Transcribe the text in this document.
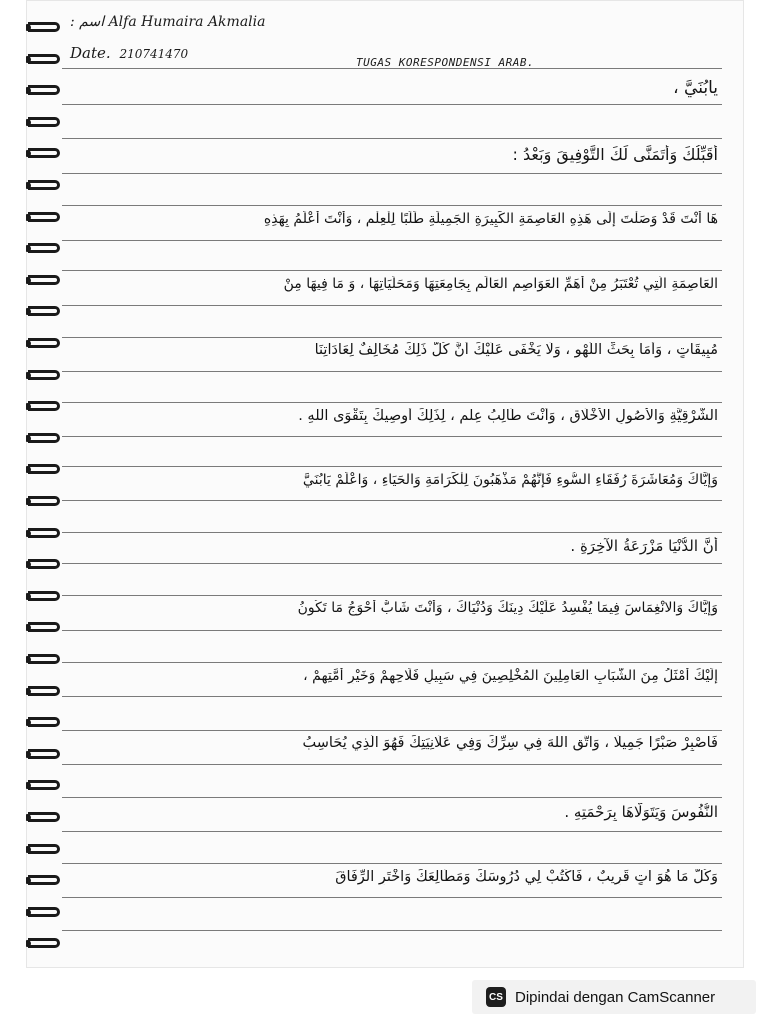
اسم : Alfa Humaira Akmalia
Date. 210741470
TUGAS KORESPONDENSI ARAB.
يابُنَيَّ ،
أُقَبِّلُكَ وَأَتَمَنَّى لَكَ التَّوْفِيقَ وَبَعْدُ :
هَا أَنْتَ قَدْ وَصَلْتَ إِلَى هَذِهِ العَاصِمَةِ الكَبِيرَةِ الجَمِيلَةِ طَلَبًا لِلْعِلْمِ ، وَأَنْتَ أَعْلَمُ بِهَذِهِ
العَاصِمَةِ الَّتِي تُعْتَبَرُ مِنْ أَهَمِّ العَوَاصِمِ العَالَمِ بِجَامِعَتِهَا وَمَحَلِّيَاتِهَا ، وَ مَا فِيهَا مِنْ
مُبِيقَاتٍ ، وَأَمَا بِحَثِّ اللَّهْوِ ، وَلَا يَخْفَى عَلَيْكَ أَنَّ كُلَّ ذَلِكَ مُخَالِفٌ لِعَادَاتِنَا
الشَّرْقِيَّةِ وَالأُصُولِ الأَخْلَاقِ ، وَأَنْتَ طَالِبُ عِلْمٍ ، لِذَلِكَ أُوصِيكَ بِتَقْوَى اللهِ .
وَإِيَّاكَ وَمُعَاشَرَةَ رُفَقَاءِ السُّوءِ فَإِنَّهُمْ مَذْهَبُونَ لِلْكَرَامَةِ وَالحَيَاءِ ، وَاعْلَمْ يَابُنَيَّ
أَنَّ الدُّنْيَا مَزْرَعَةُ الآخِرَةِ .
وَإِيَّاكَ وَالانْغِمَاسَ فِيمَا يُفْسِدُ عَلَيْكَ دِينَكَ وَدُنْيَاكَ ، وَأَنْتَ شَابٌّ أَحْوَجُ مَا تَكُونُ
إِلَيْكَ أَمْثَلُ مِنَ الشَّبَابِ العَامِلِينَ المُخْلِصِينَ فِي سَبِيلِ فَلَاحِهِمْ وَخَيْرِ أُمَّتِهِمْ ،
فَاصْبِرْ صَبْرًا جَمِيلًا ، وَاتَّقِ اللهَ فِي سِرِّكَ وَفِي عَلَانِيَتِكَ فَهُوَ الَّذِي يُحَاسِبُ
النُّفُوسَ وَيَتَوَلَّاهَا بِرَحْمَتِهِ .
وَكُلُّ مَا هُوَ آتٍ قَرِيبٌ ، فَاكْتُبْ لِي دُرُوسَكَ وَمَطَالِعَكَ وَاخْتَرِ الرِّفَاقَ
CS Dipindai dengan CamScanner
